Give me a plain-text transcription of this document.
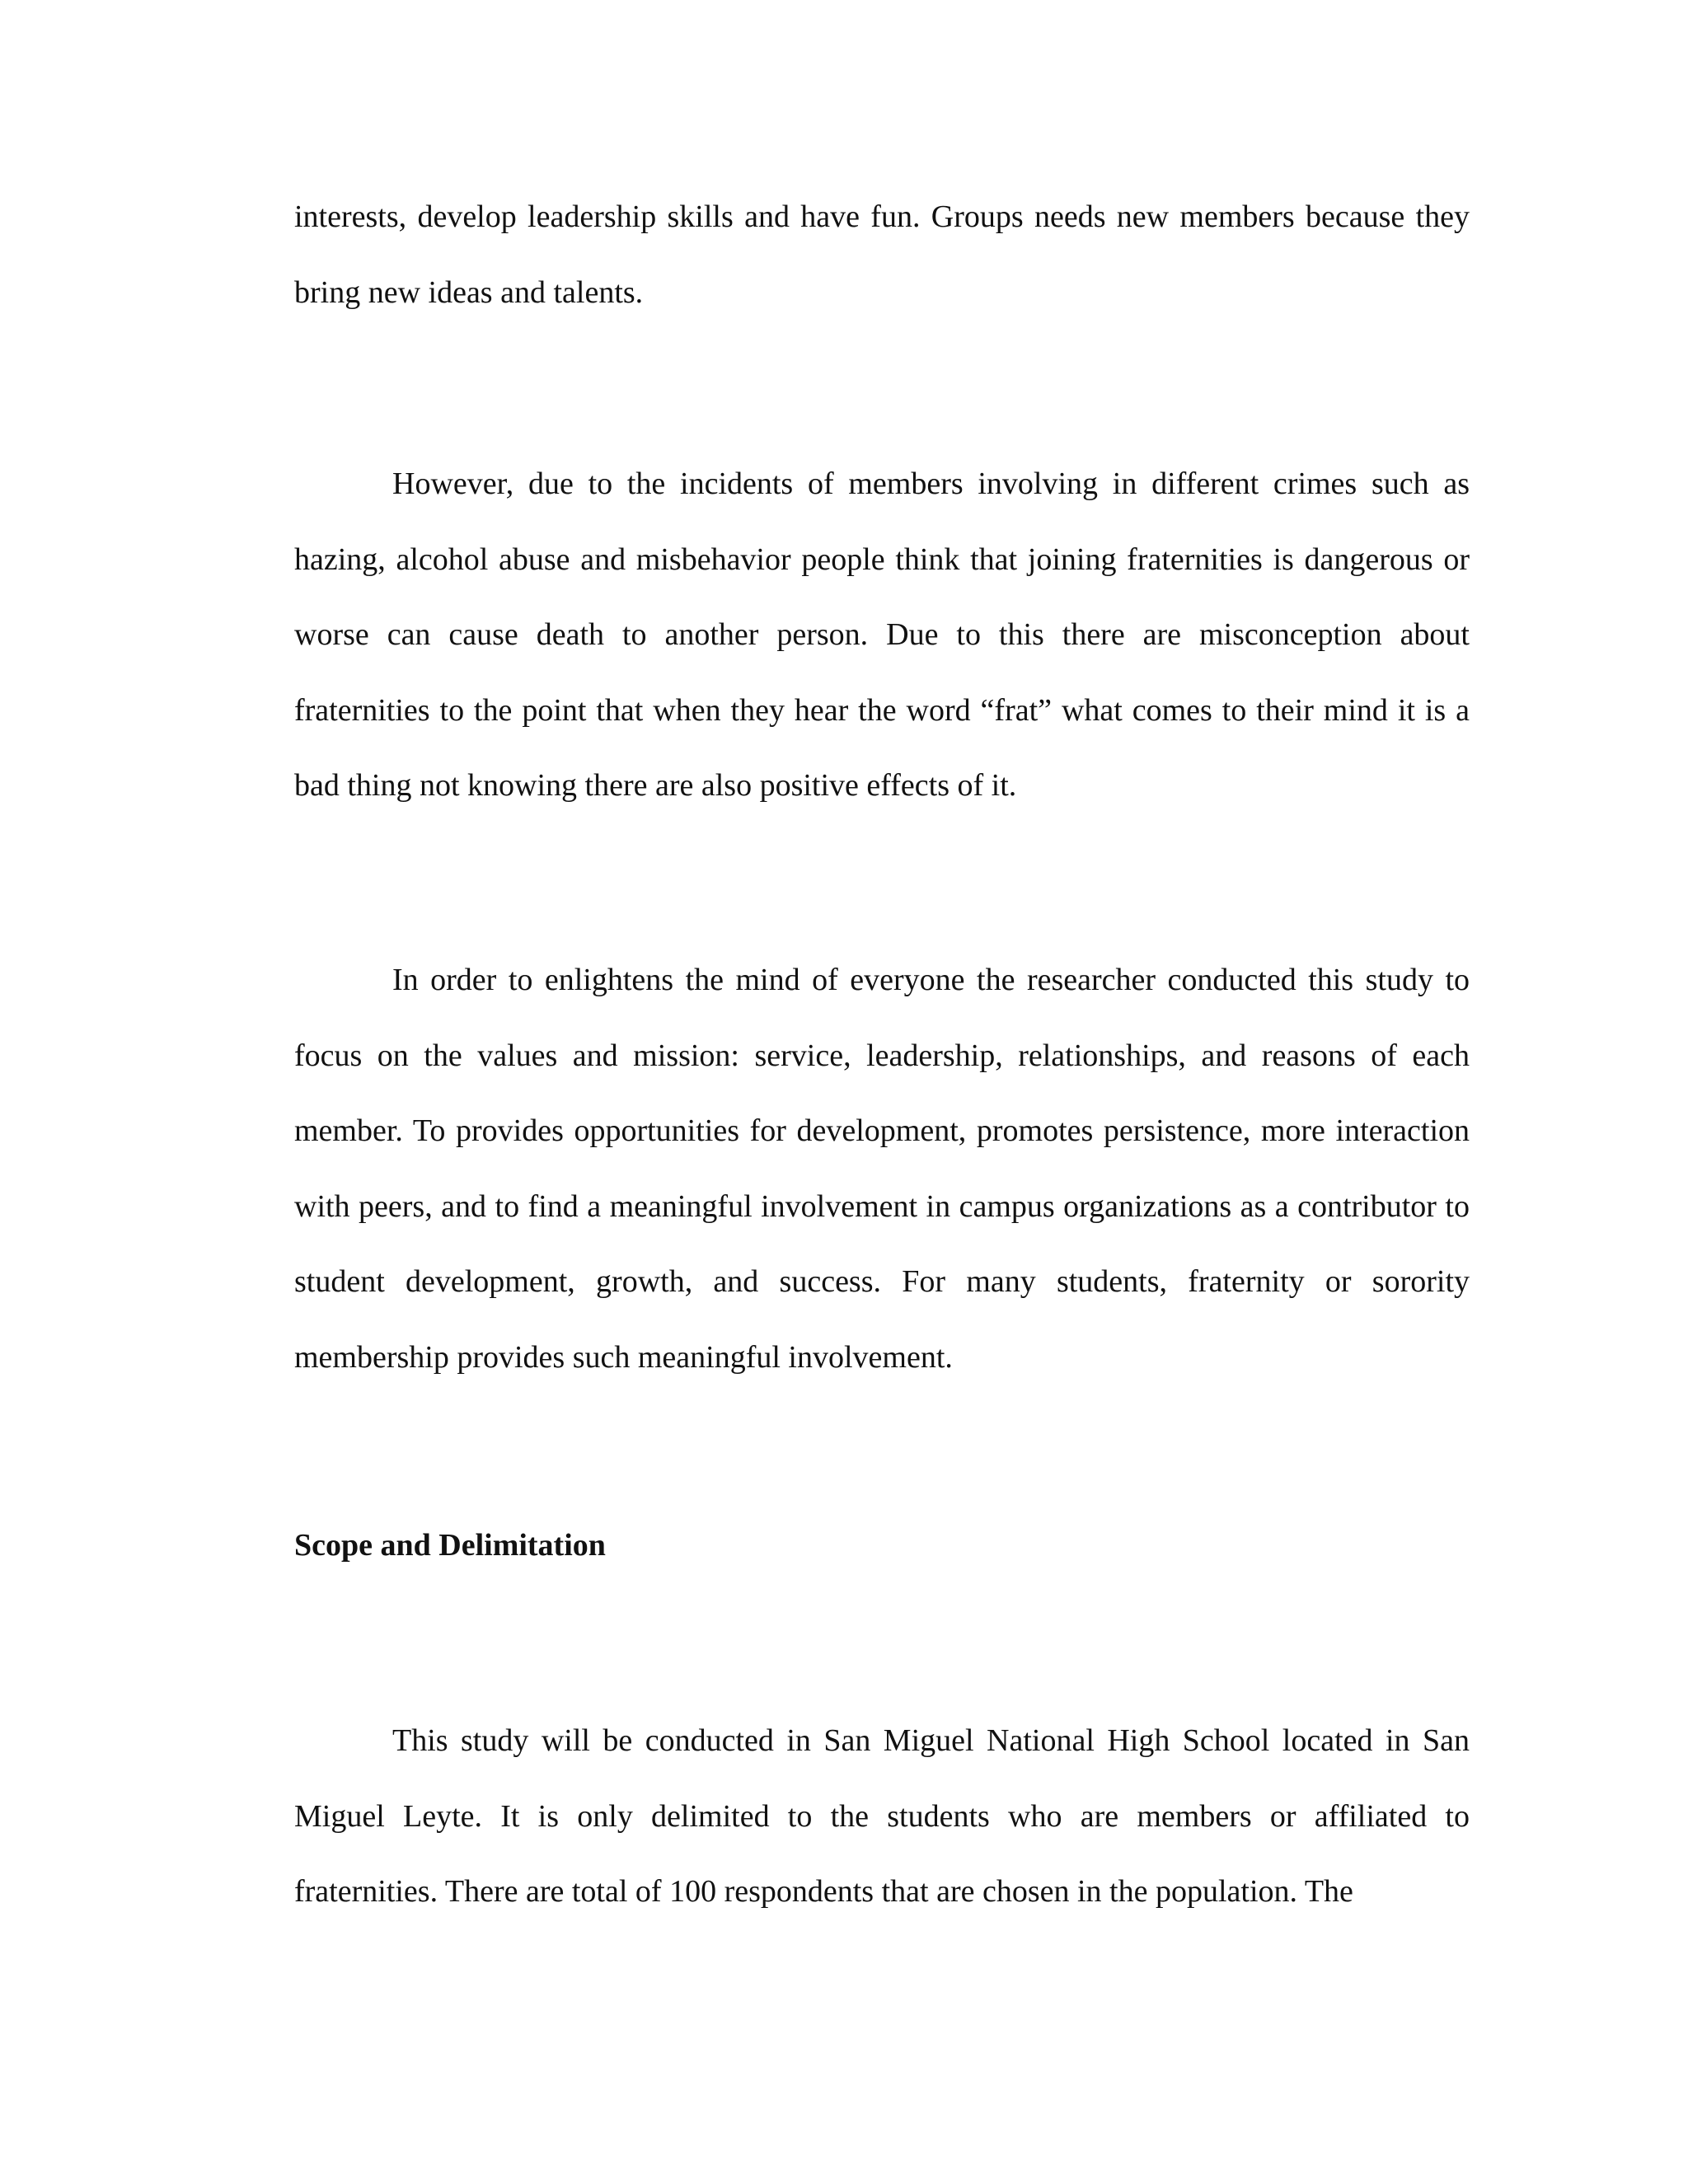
interests, develop leadership skills and have fun. Groups needs new members because they bring new ideas and talents.

However, due to the incidents of members involving in different crimes such as hazing, alcohol abuse and misbehavior people think that joining fraternities is dangerous or worse can cause death to another person. Due to this there are misconception about fraternities to the point that when they hear the word “frat” what comes to their mind it is a bad thing not knowing there are also positive effects of it.

In order to enlightens the mind of everyone the researcher conducted this study to focus on the values and mission: service, leadership, relationships, and reasons of each member. To provides opportunities for development, promotes persistence, more interaction with peers, and to find a meaningful involvement in campus organizations as a contributor to student development, growth, and success. For many students, fraternity or sorority membership provides such meaningful involvement.

Scope and Delimitation

This study will be conducted in San Miguel National High School located in San Miguel Leyte. It is only delimited to the students who are members or affiliated to fraternities. There are total of 100 respondents that are chosen in the population. The
